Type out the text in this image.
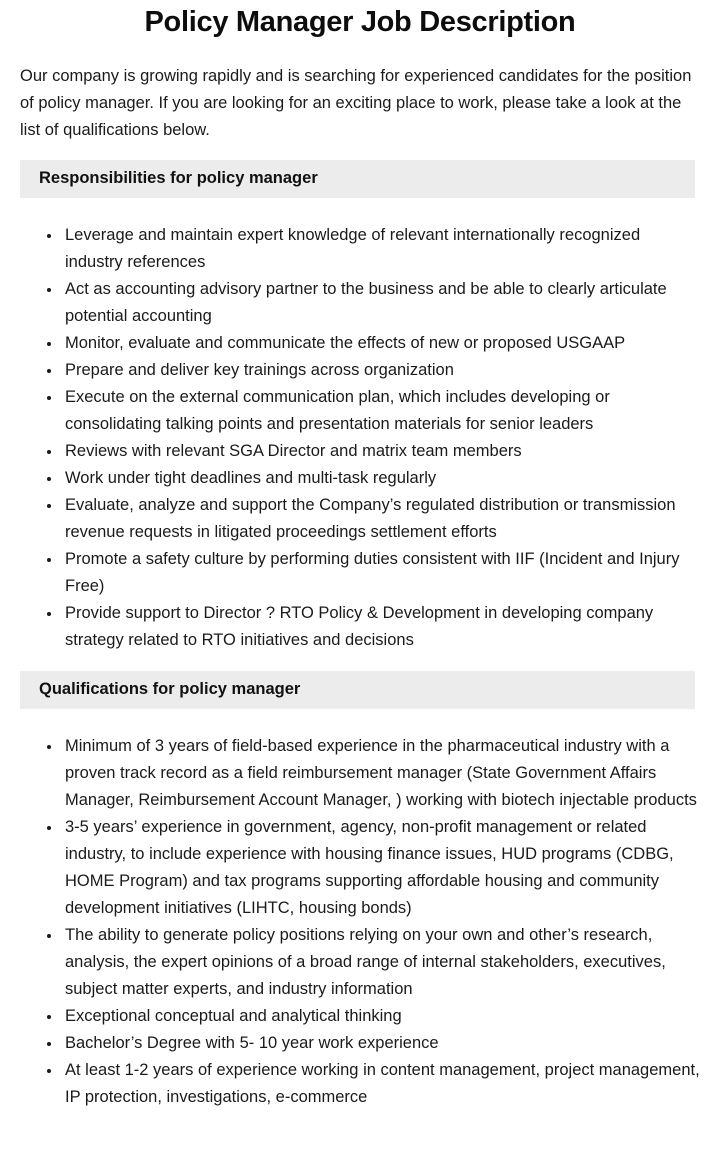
Policy Manager Job Description

Our company is growing rapidly and is searching for experienced candidates for the position of policy manager. If you are looking for an exciting place to work, please take a look at the list of qualifications below.

Responsibilities for policy manager
• Leverage and maintain expert knowledge of relevant internationally recognized industry references
• Act as accounting advisory partner to the business and be able to clearly articulate potential accounting
• Monitor, evaluate and communicate the effects of new or proposed USGAAP
• Prepare and deliver key trainings across organization
• Execute on the external communication plan, which includes developing or consolidating talking points and presentation materials for senior leaders
• Reviews with relevant SGA Director and matrix team members
• Work under tight deadlines and multi-task regularly
• Evaluate, analyze and support the Company’s regulated distribution or transmission revenue requests in litigated proceedings settlement efforts
• Promote a safety culture by performing duties consistent with IIF (Incident and Injury Free)
• Provide support to Director ? RTO Policy & Development in developing company strategy related to RTO initiatives and decisions
Qualifications for policy manager
• Minimum of 3 years of field-based experience in the pharmaceutical industry with a proven track record as a field reimbursement manager (State Government Affairs Manager, Reimbursement Account Manager, ) working with biotech injectable products
• 3-5 years’ experience in government, agency, non-profit management or related industry, to include experience with housing finance issues, HUD programs (CDBG, HOME Program) and tax programs supporting affordable housing and community development initiatives (LIHTC, housing bonds)
• The ability to generate policy positions relying on your own and other’s research, analysis, the expert opinions of a broad range of internal stakeholders, executives, subject matter experts, and industry information
• Exceptional conceptual and analytical thinking
• Bachelor’s Degree with 5- 10 year work experience
• At least 1-2 years of experience working in content management, project management, IP protection, investigations, e-commerce
